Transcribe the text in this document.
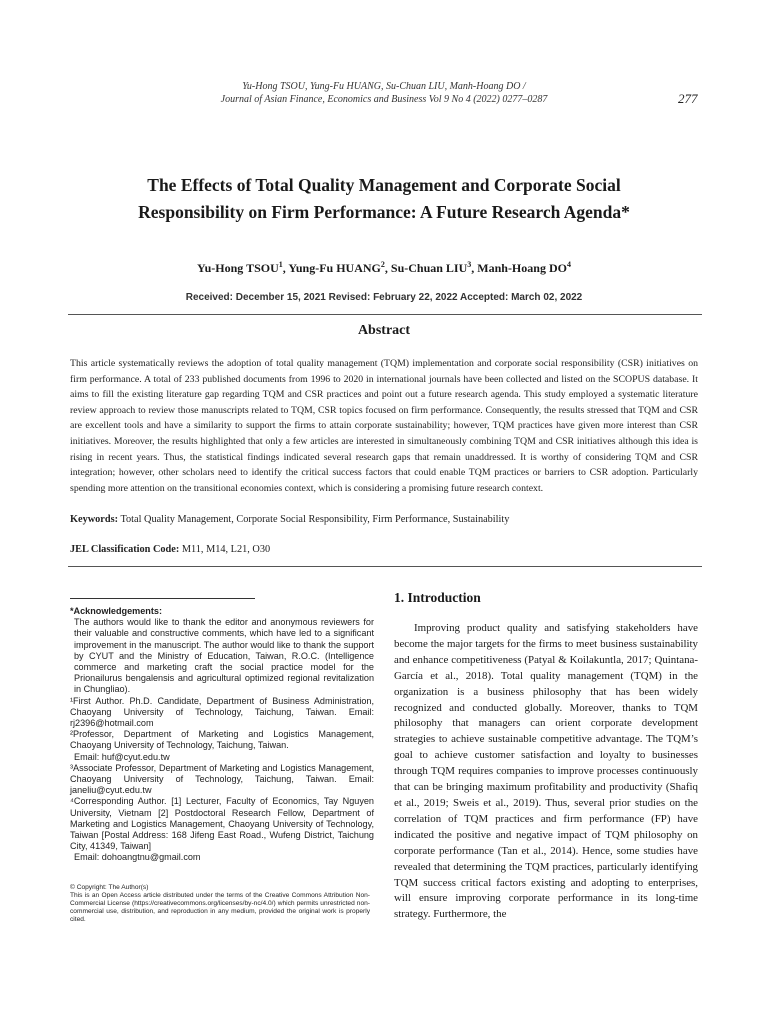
Yu-Hong TSOU, Yung-Fu HUANG, Su-Chuan LIU, Manh-Hoang DO /
Journal of Asian Finance, Economics and Business Vol 9 No 4 (2022) 0277–0287	277
The Effects of Total Quality Management and Corporate Social
Responsibility on Firm Performance: A Future Research Agenda*
Yu-Hong TSOU$^1$, Yung-Fu HUANG$^2$, Su-Chuan LIU$^3$, Manh-Hoang $DO^4$
Received: December 15, 2021 Revised: February 22, 2022 Accepted: March 02, 2022
Abstract
This article systematically reviews the adoption of total quality management (TQM) implementation and corporate social responsibility (CSR) initiatives on firm performance. A total of 233 published documents from 1996 to 2020 in international journals have been collected and listed on the SCOPUS database. It aims to fill the existing literature gap regarding TQM and CSR practices and point out a future research agenda. This study employed a systematic literature review approach to review those manuscripts related to TQM, CSR topics focused on firm performance. Consequently, the results stressed that TQM and CSR are excellent tools and have a similarity to support the firms to attain corporate sustainability; however, TQM practices have given more interest than CSR initiatives. Moreover, the results highlighted that only a few articles are interested in simultaneously combining TQM and CSR initiatives although this idea is rising in recent years. Thus, the statistical findings indicated several research gaps that remain unaddressed. It is worthy of considering TQM and CSR integration; however, other scholars need to identify the critical success factors that could enable TQM practices or barriers to CSR adoption. Particularly spending more attention on the transitional economies context, which is considering a promising future research context.
Keywords: Total Quality Management, Corporate Social Responsibility, Firm Performance, Sustainability
JEL Classification Code: M11, M14, L21, O30
*Acknowledgements:
The authors would like to thank the editor and anonymous reviewers for their valuable and constructive comments, which have led to a significant improvement in the manuscript. The author would like to thank the support by CYUT and the Ministry of Education, Taiwan, R.O.C. (Intelligence commerce and marketing craft the social practice model for the Prionailurus bengalensis and agricultural optimized regional revitalization in Chungliao).
¹First Author. Ph.D. Candidate, Department of Business Administration, Chaoyang University of Technology, Taichung, Taiwan. Email: rj2396@hotmail.com
²Professor, Department of Marketing and Logistics Management, Chaoyang University of Technology, Taichung, Taiwan.
Email: huf@cyut.edu.tw
³Associate Professor, Department of Marketing and Logistics Management, Chaoyang University of Technology, Taichung, Taiwan. Email: janeliu@cyut.edu.tw
⁴Corresponding Author. [1] Lecturer, Faculty of Economics, Tay Nguyen University, Vietnam [2] Postdoctoral Research Fellow, Department of Marketing and Logistics Management, Chaoyang University of Technology, Taiwan [Postal Address: 168 Jifeng East Road., Wufeng District, Taichung City, 41349, Taiwan]
Email: dohoangtnu@gmail.com
© Copyright: The Author(s)
This is an Open Access article distributed under the terms of the Creative Commons Attribution Non-Commercial License (https://creativecommons.org/licenses/by-nc/4.0/) which permits unrestricted non-commercial use, distribution, and reproduction in any medium, provided the original work is properly cited.
1. Introduction
Improving product quality and satisfying stakeholders have become the major targets for the firms to meet business sustainability and enhance competitiveness (Patyal & Koilakuntla, 2017; Quintana-García et al., 2018). Total quality management (TQM) in the organization is a business philosophy that has been widely recognized and conducted globally. Moreover, thanks to TQM philosophy that managers can orient corporate development strategies to achieve sustainable competitive advantage. The TQM’s goal to achieve customer satisfaction and loyalty to businesses through TQM requires companies to improve processes continuously that can be bringing maximum profitability and productivity (Shafiq et al., 2019; Sweis et al., 2019). Thus, several prior studies on the correlation of TQM practices and firm performance (FP) have indicated the positive and negative impact of TQM philosophy on corporate performance (Tan et al., 2014). Hence, some studies have revealed that determining the TQM practices, particularly identifying TQM success critical factors existing and adopting to enterprises, will ensure improving corporate performance in its long-time strategy. Furthermore, the
